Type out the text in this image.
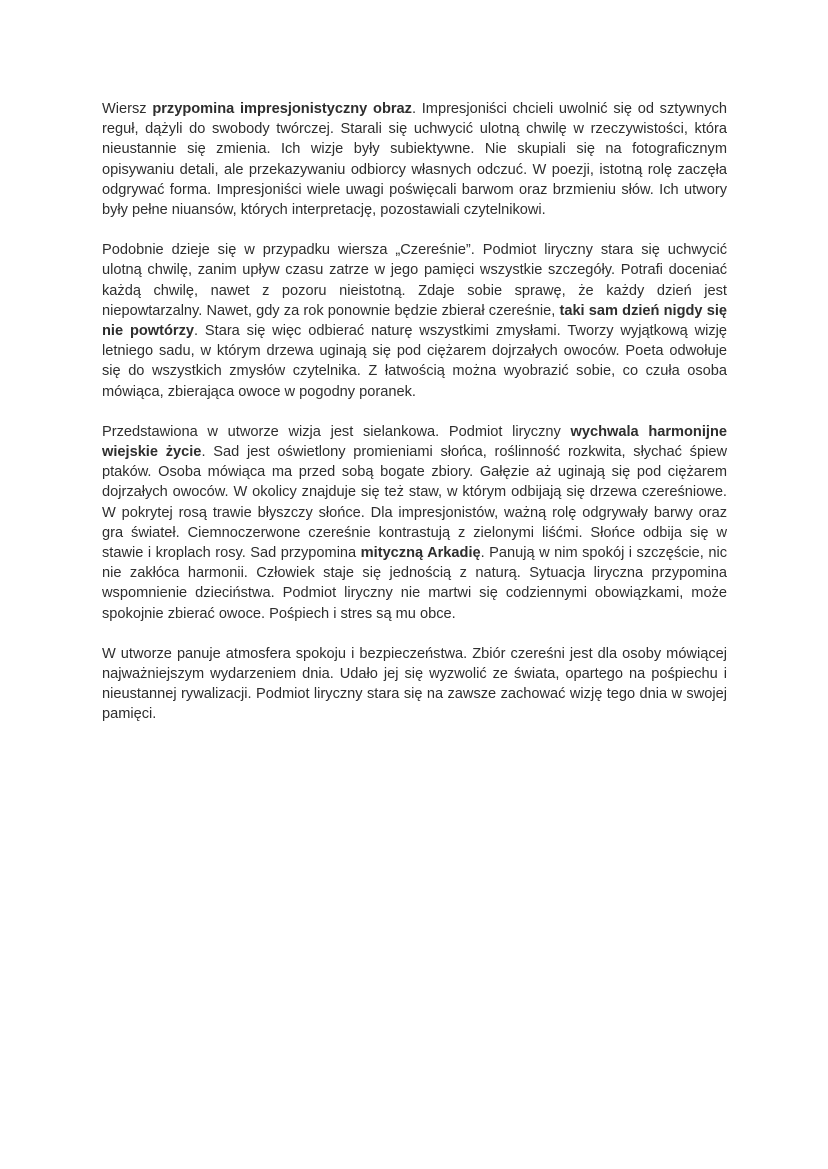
Wiersz przypomina impresjonistyczny obraz. Impresjoniści chcieli uwolnić się od sztywnych reguł, dążyli do swobody twórczej. Starali się uchwycić ulotną chwilę w rzeczywistości, która nieustannie się zmienia. Ich wizje były subiektywne. Nie skupiali się na fotograficznym opisywaniu detali, ale przekazywaniu odbiorcy własnych odczuć. W poezji, istotną rolę zaczęła odgrywać forma. Impresjoniści wiele uwagi poświęcali barwom oraz brzmieniu słów. Ich utwory były pełne niuansów, których interpretację, pozostawiali czytelnikowi.

Podobnie dzieje się w przypadku wiersza „Czereśnie”. Podmiot liryczny stara się uchwycić ulotną chwilę, zanim upływ czasu zatrze w jego pamięci wszystkie szczegóły. Potrafi doceniać każdą chwilę, nawet z pozoru nieistotną. Zdaje sobie sprawę, że każdy dzień jest niepowtarzalny. Nawet, gdy za rok ponownie będzie zbierał czereśnie, taki sam dzień nigdy się nie powtórzy. Stara się więc odbierać naturę wszystkimi zmysłami. Tworzy wyjątkową wizję letniego sadu, w którym drzewa uginają się pod ciężarem dojrzałych owoców. Poeta odwołuje się do wszystkich zmysłów czytelnika. Z łatwością można wyobrazić sobie, co czuła osoba mówiąca, zbierająca owoce w pogodny poranek.

Przedstawiona w utworze wizja jest sielankowa. Podmiot liryczny wychwala harmonijne wiejskie życie. Sad jest oświetlony promieniami słońca, roślinność rozkwita, słychać śpiew ptaków. Osoba mówiąca ma przed sobą bogate zbiory. Gałęzie aż uginają się pod ciężarem dojrzałych owoców. W okolicy znajduje się też staw, w którym odbijają się drzewa czereśniowe. W pokrytej rosą trawie błyszczy słońce. Dla impresjonistów, ważną rolę odgrywały barwy oraz gra świateł. Ciemnoczerwone czereśnie kontrastują z zielonymi liśćmi. Słońce odbija się w stawie i kroplach rosy. Sad przypomina mityczną Arkadię. Panują w nim spokój i szczęście, nic nie zakłóca harmonii. Człowiek staje się jednością z naturą. Sytuacja liryczna przypomina wspomnienie dzieciństwa. Podmiot liryczny nie martwi się codziennymi obowiązkami, może spokojnie zbierać owoce. Pośpiech i stres są mu obce.

W utworze panuje atmosfera spokoju i bezpieczeństwa. Zbiór czereśni jest dla osoby mówiącej najważniejszym wydarzeniem dnia. Udało jej się wyzwolić ze świata, opartego na pośpiechu i nieustannej rywalizacji. Podmiot liryczny stara się na zawsze zachować wizję tego dnia w swojej pamięci.
